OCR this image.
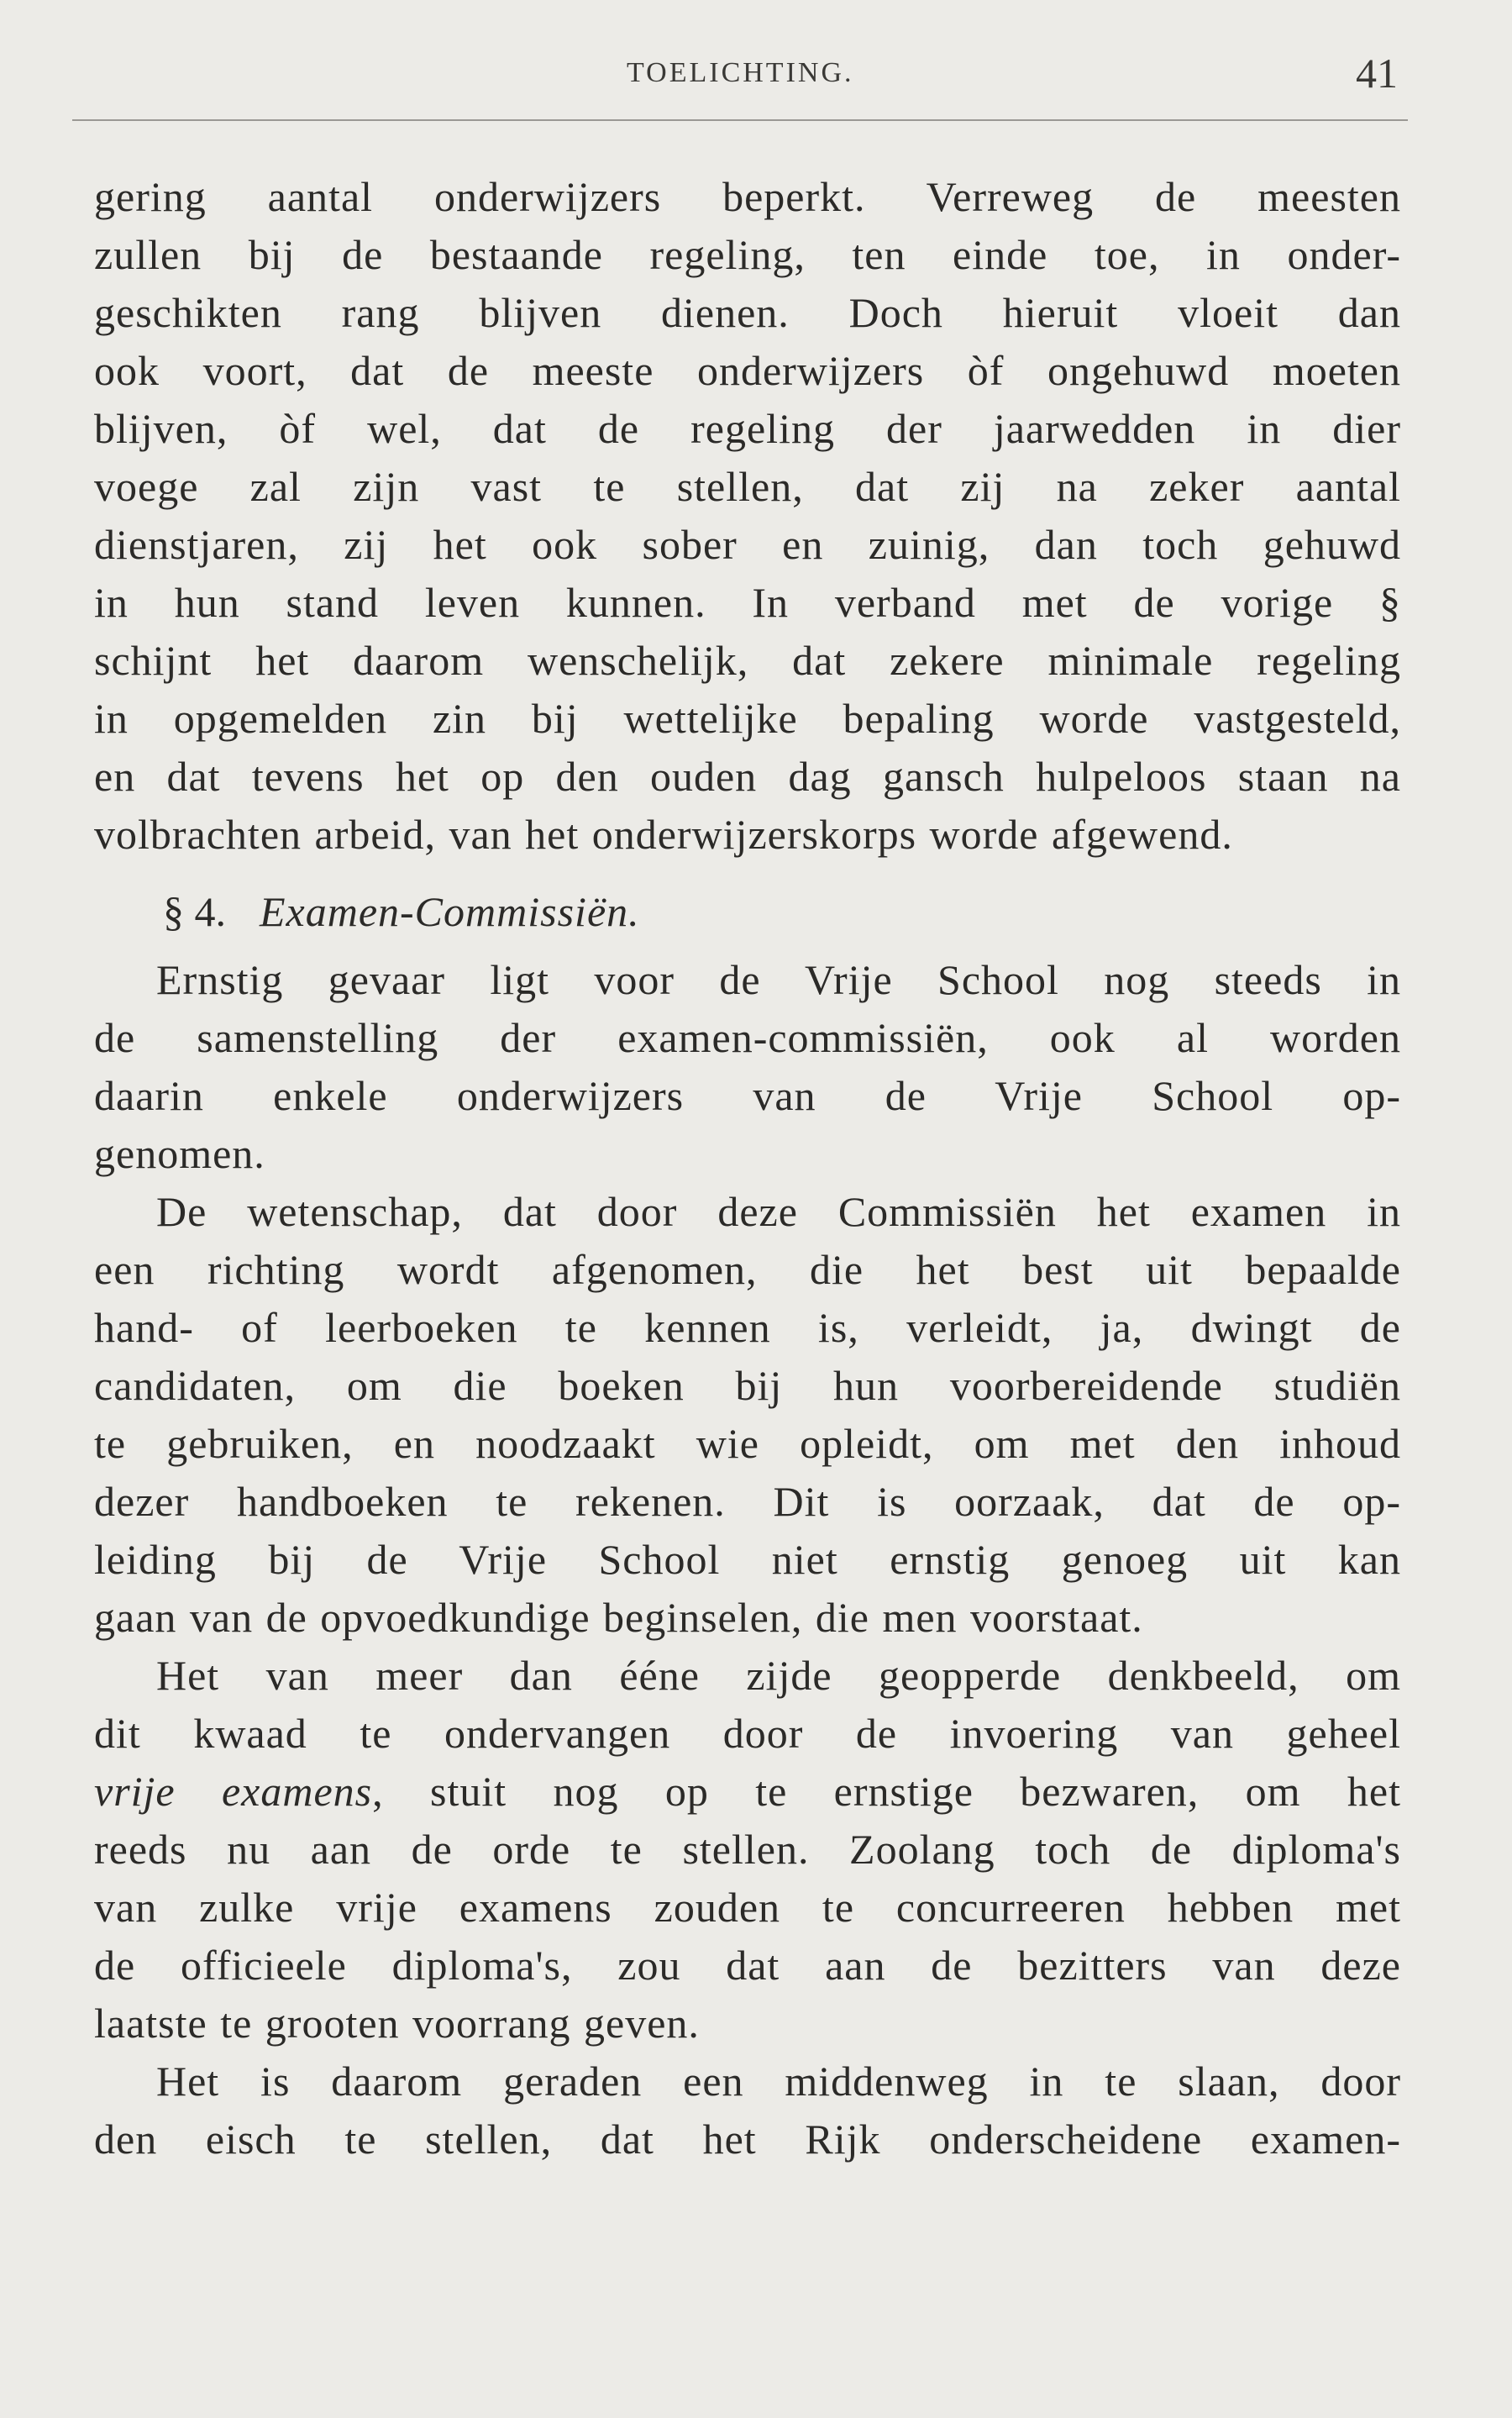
TOELICHTING.	41
gering aantal onderwijzers beperkt. Verreweg de meesten
zullen bij de bestaande regeling, ten einde toe, in onder-
geschikten rang blijven dienen. Doch hieruit vloeit dan
ook voort, dat de meeste onderwijzers òf ongehuwd moeten
blijven, òf wel, dat de regeling der jaarwedden in dier
voege zal zijn vast te stellen, dat zij na zeker aantal
dienstjaren, zij het ook sober en zuinig, dan toch gehuwd
in hun stand leven kunnen. In verband met de vorige §
schijnt het daarom wenschelijk, dat zekere minimale regeling
in opgemelden zin bij wettelijke bepaling worde vastgesteld,
en dat tevens het op den ouden dag gansch hulpeloos staan na
volbrachten arbeid, van het onderwijzerskorps worde afgewend.
§ 4. Examen-Commissiën.
Ernstig gevaar ligt voor de Vrije School nog steeds in
de samenstelling der examen-commissiën, ook al worden
daarin enkele onderwijzers van de Vrije School op-
genomen.
De wetenschap, dat door deze Commissiën het examen in
een richting wordt afgenomen, die het best uit bepaalde
hand- of leerboeken te kennen is, verleidt, ja, dwingt de
candidaten, om die boeken bij hun voorbereidende studiën
te gebruiken, en noodzaakt wie opleidt, om met den inhoud
dezer handboeken te rekenen. Dit is oorzaak, dat de op-
leiding bij de Vrije School niet ernstig genoeg uit kan
gaan van de opvoedkundige beginselen, die men voorstaat.
Het van meer dan ééne zijde geopperde denkbeeld, om
dit kwaad te ondervangen door de invoering van geheel
vrije examens, stuit nog op te ernstige bezwaren, om het
reeds nu aan de orde te stellen. Zoolang toch de diploma's
van zulke vrije examens zouden te concurreeren hebben met
de officieele diploma's, zou dat aan de bezitters van deze
laatste te grooten voorrang geven.
Het is daarom geraden een middenweg in te slaan, door
den eisch te stellen, dat het Rijk onderscheidene examen-
